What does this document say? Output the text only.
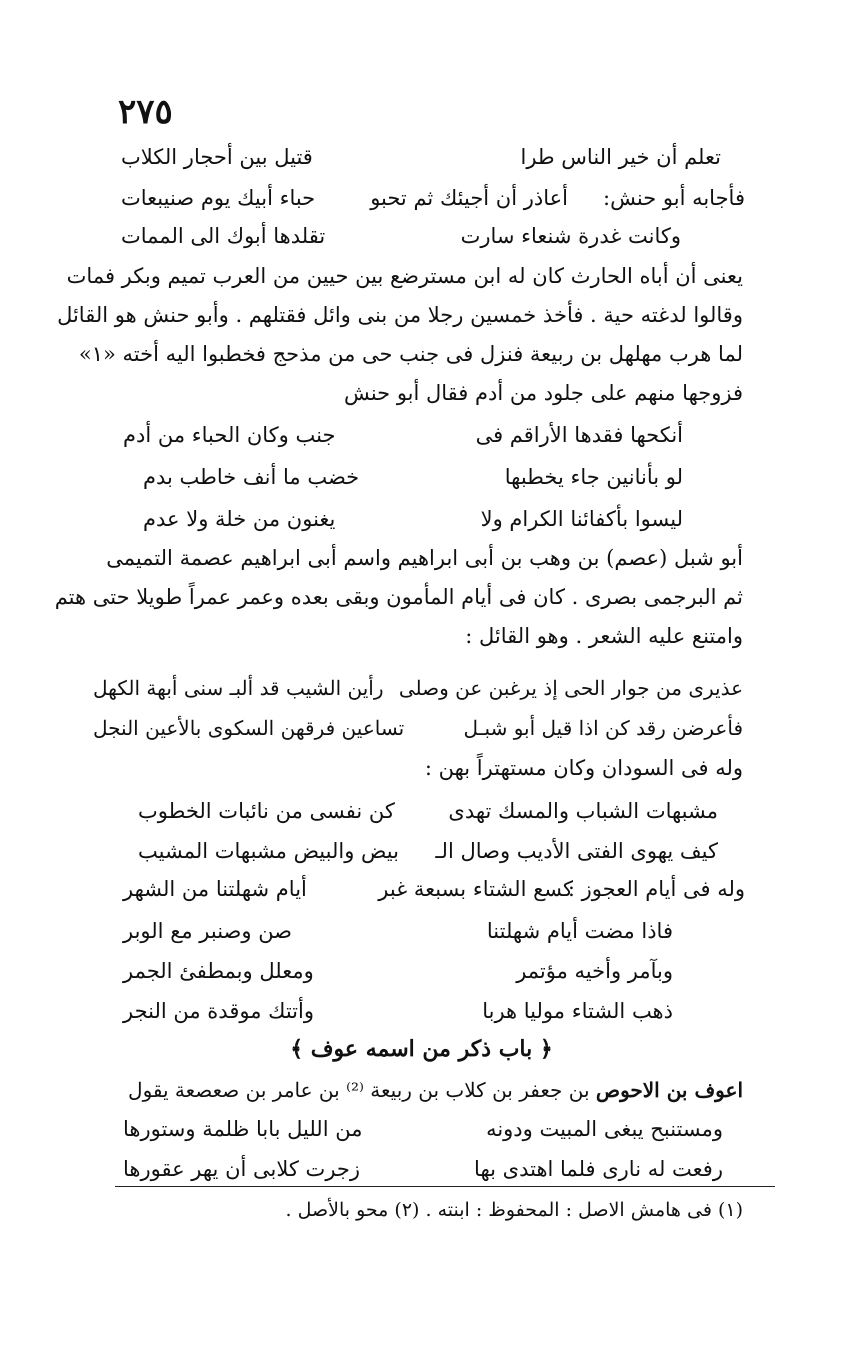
٢٧٥
تعلم أن خير الناس طرا
قتيل بين أحجار الكلاب
فأجابه أبو حنش:
أعاذر أن أجيئك ثم تحبو
حباء أبيك يوم صنيبعات
وكانت غدرة شنعاء سارت
تقلدها أبوك الى الممات
يعنى أن أباه الحارث كان له ابن مسترضع بين حيين من العرب تميم وبكر فمات
وقالوا لدغته حية . فأخذ خمسين رجلا من بنى وائل فقتلهم . وأبو حنش هو القائل
لما هرب مهلهل بن ربيعة فنزل فى جنب حى من مذحج فخطبوا اليه أخته «١»
فزوجها منهم على جلود من أدم فقال أبو حنش
أنكحها فقدها الأراقم فى
جنب وكان الحباء من أدم
لو بأنانين جاء يخطبها
خضب ما أنف خاطب بدم
ليسوا بأكفائنا الكرام ولا
يغنون من خلة ولا عدم
أبو شبل (عصم) بن وهب بن أبى ابراهيم واسم أبى ابراهيم عصمة التميمى
ثم البرجمى بصرى . كان فى أيام المأمون وبقى بعده وعمر عمراً طويلا حتى هتم
وامتنع عليه الشعر . وهو القائل :
عذيرى من جوار الحى إذ يرغبن عن وصلى
رأين الشيب قد ألبـ سنى أبهة الكهل
فأعرضن رقد كن اذا قيل أبو شبـل
تساعين فرقهن السكوى بالأعين النجل
وله فى السودان وكان مستهتراً بهن :
مشبهات الشباب والمسك تهدى
كن نفسى من نائبات الخطوب
كيف يهوى الفتى الأديب وصال الـ
بيض والبيض مشبهات المشيب
وله فى أيام العجوز :
كسع الشتاء بسبعة غبر
أيام شهلتنا من الشهر
فاذا مضت أيام شهلتنا
صن وصنبر مع الوبر
وبآمر وأخيه مؤتمر
ومعلل وبمطفئ الجمر
ذهب الشتاء موليا هربا
وأتتك موقدة من النجر
﴿ باب ذكر من اسمه عوف ﴾
اعوف بن الاحوص بن جعفر بن كلاب بن ربيعة ⁽²⁾ بن عامر بن صعصعة يقول
ومستنبح يبغى المبيت ودونه
من الليل بابا ظلمة وستورها
رفعت له نارى فلما اهتدى بها
زجرت كلابى أن يهر عقورها
(١) فى هامش الاصل : المحفوظ : ابنته . (٢) محو بالأصل .
